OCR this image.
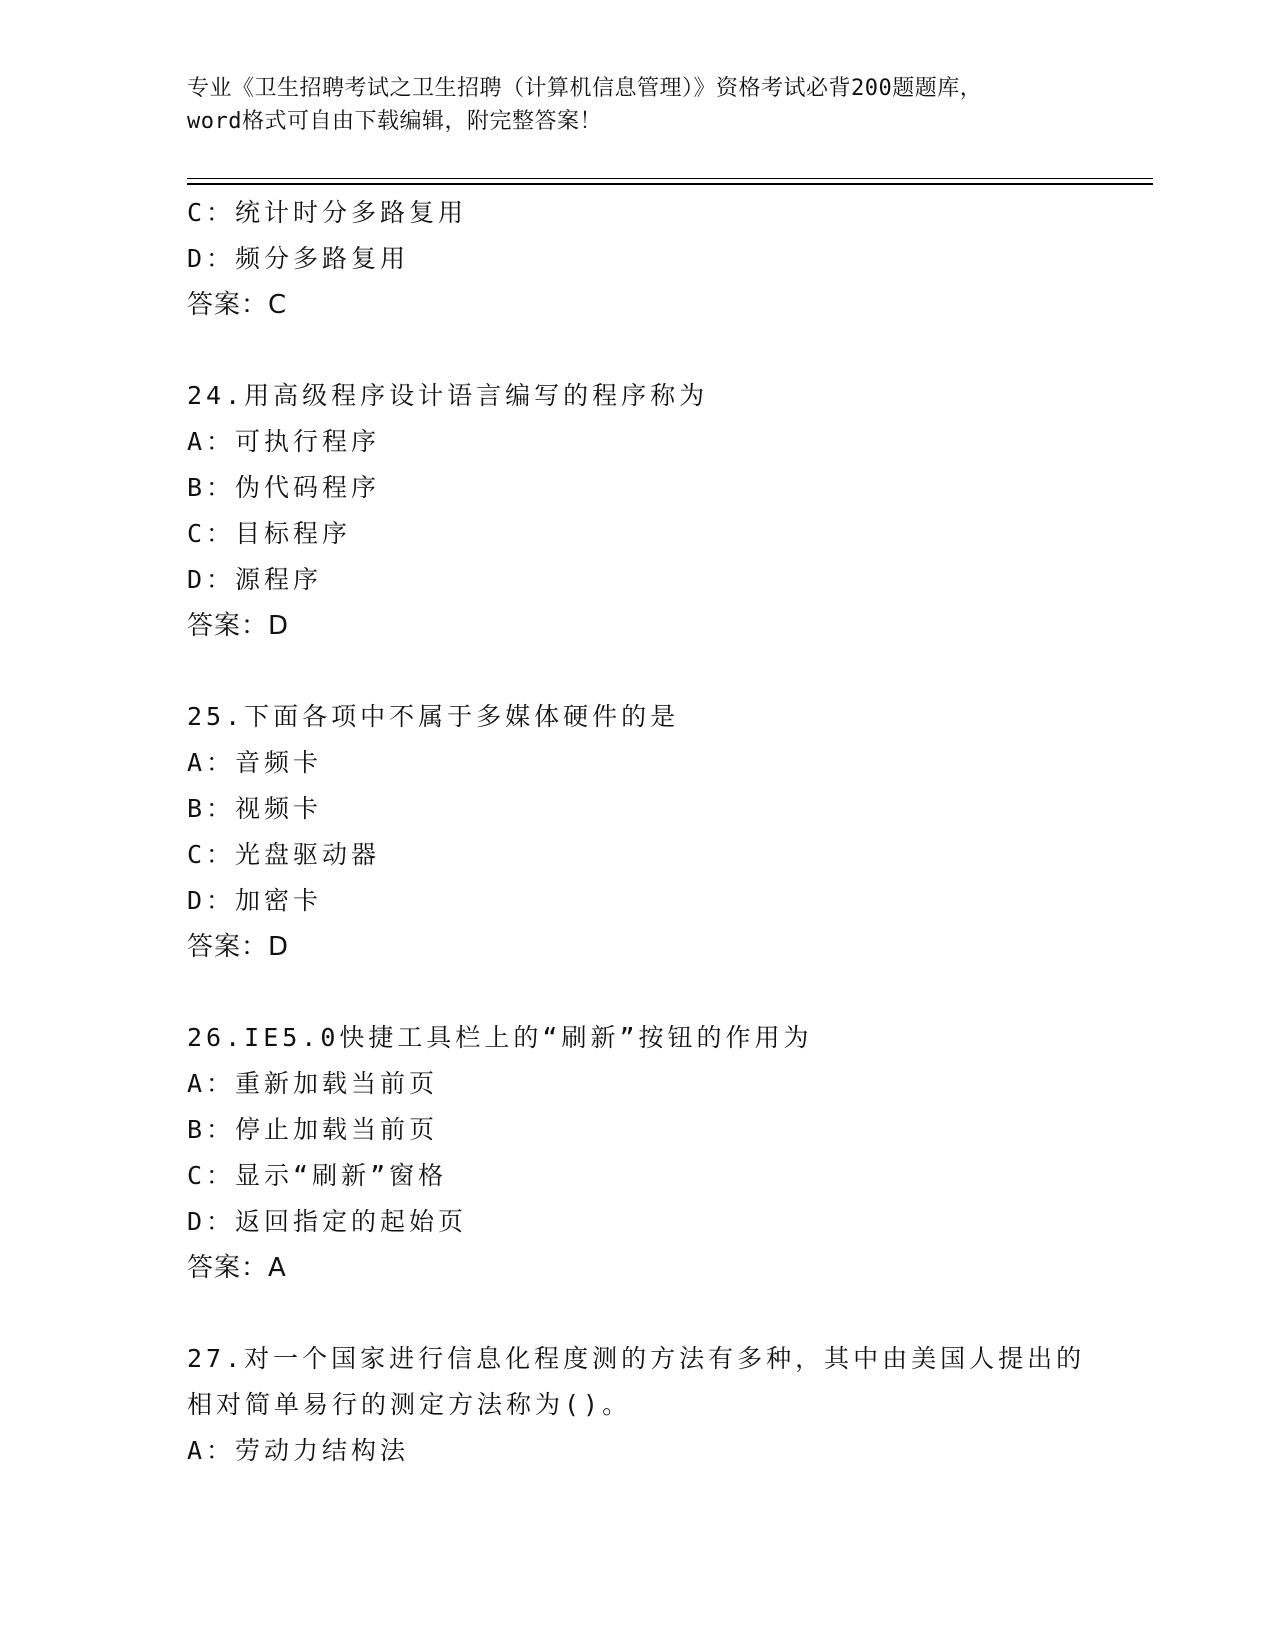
专业《卫生招聘考试之卫生招聘（计算机信息管理）》资格考试必背200题题库，
word格式可自由下载编辑，附完整答案！
C：统计时分多路复用
D：频分多路复用
答案：C
24.用高级程序设计语言编写的程序称为
A：可执行程序
B：伪代码程序
C：目标程序
D：源程序
答案：D
25.下面各项中不属于多媒体硬件的是
A：音频卡
B：视频卡
C：光盘驱动器
D：加密卡
答案：D
26.IE5.0快捷工具栏上的“刷新”按钮的作用为
A：重新加载当前页
B：停止加载当前页
C：显示“刷新”窗格
D：返回指定的起始页
答案：A
27.对一个国家进行信息化程度测的方法有多种，其中由美国人提出的
相对简单易行的测定方法称为()。
A：劳动力结构法
